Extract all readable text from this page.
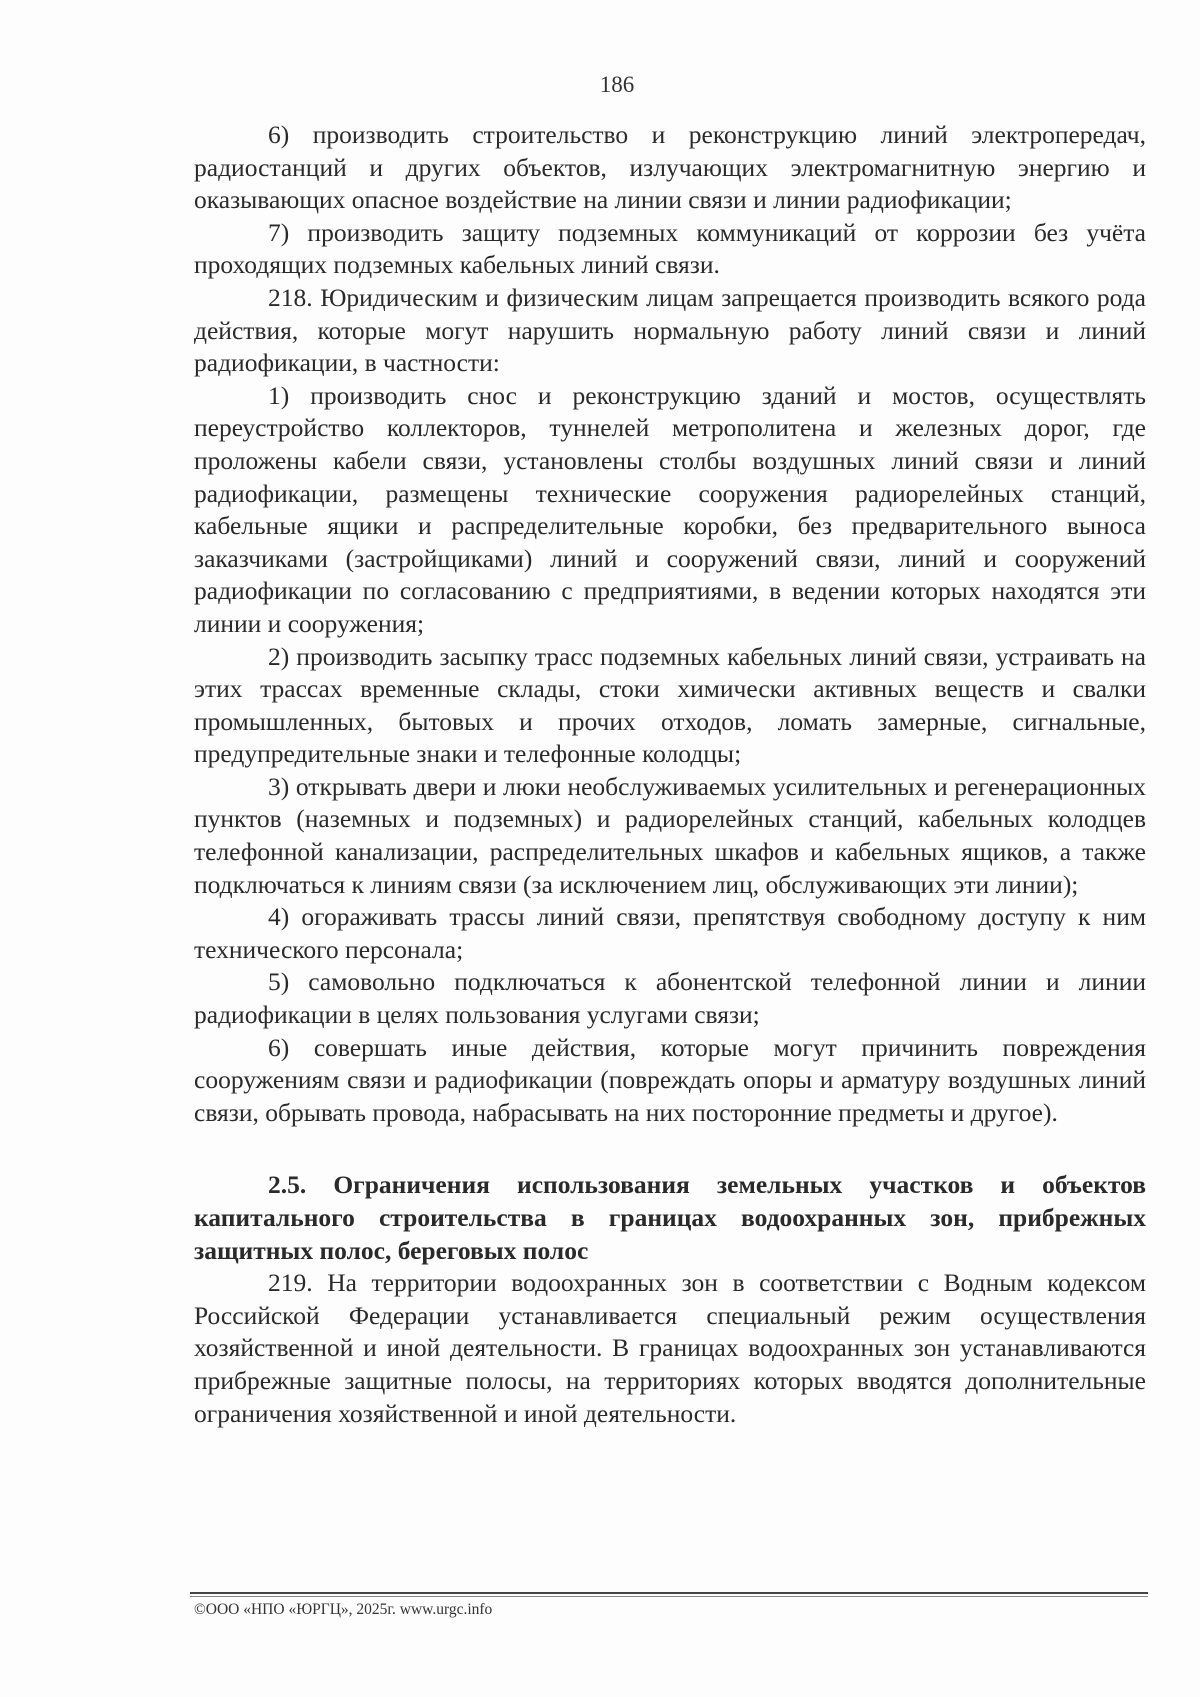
186

6) производить строительство и реконструкцию линий электропередач, радиостанций и других объектов, излучающих электромагнитную энергию и оказывающих опасное воздействие на линии связи и линии радиофикации;

7) производить защиту подземных коммуникаций от коррозии без учёта проходящих подземных кабельных линий связи.

218. Юридическим и физическим лицам запрещается производить всякого рода действия, которые могут нарушить нормальную работу линий связи и линий радиофикации, в частности:

1) производить снос и реконструкцию зданий и мостов, осуществлять переустройство коллекторов, туннелей метрополитена и железных дорог, где проложены кабели связи, установлены столбы воздушных линий связи и линий радиофикации, размещены технические сооружения радиорелейных станций, кабельные ящики и распределительные коробки, без предварительного выноса заказчиками (застройщиками) линий и сооружений связи, линий и сооружений радиофикации по согласованию с предприятиями, в ведении которых находятся эти линии и сооружения;

2) производить засыпку трасс подземных кабельных линий связи, устраивать на этих трассах временные склады, стоки химически активных веществ и свалки промышленных, бытовых и прочих отходов, ломать замерные, сигнальные, предупредительные знаки и телефонные колодцы;

3) открывать двери и люки необслуживаемых усилительных и регенерационных пунктов (наземных и подземных) и радиорелейных станций, кабельных колодцев телефонной канализации, распределительных шкафов и кабельных ящиков, а также подключаться к линиям связи (за исключением лиц, обслуживающих эти линии);

4) огораживать трассы линий связи, препятствуя свободному доступу к ним технического персонала;

5) самовольно подключаться к абонентской телефонной линии и линии радиофикации в целях пользования услугами связи;

6) совершать иные действия, которые могут причинить повреждения сооружениям связи и радиофикации (повреждать опоры и арматуру воздушных линий связи, обрывать провода, набрасывать на них посторонние предметы и другое).

2.5. Ограничения использования земельных участков и объектов капитального строительства в границах водоохранных зон, прибрежных защитных полос, береговых полос

219. На территории водоохранных зон в соответствии с Водным кодексом Российской Федерации устанавливается специальный режим осуществления хозяйственной и иной деятельности. В границах водоохранных зон устанавливаются прибрежные защитные полосы, на территориях которых вводятся дополнительные ограничения хозяйственной и иной деятельности.

©ООО «НПО «ЮРГЦ», 2025г. www.urgc.info
